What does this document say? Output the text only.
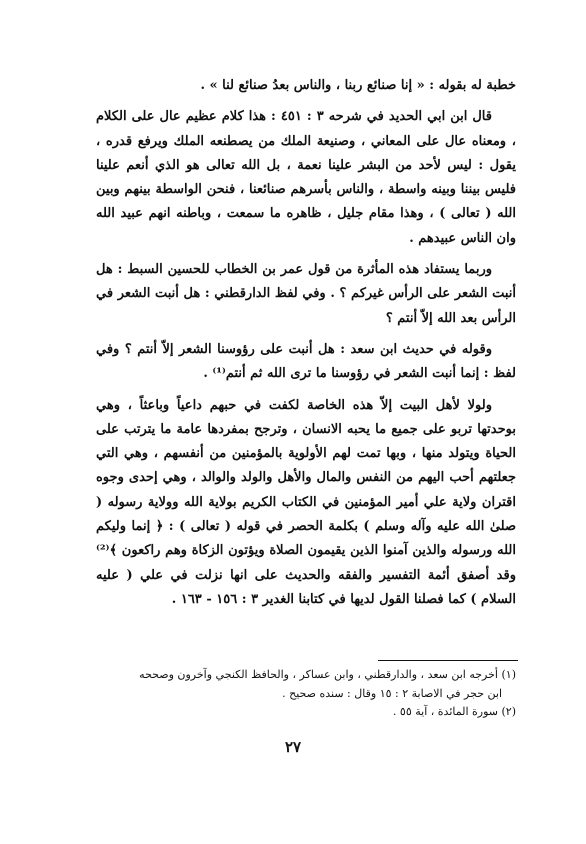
خطبة له بقوله : « إنا صنائع ربنا ، والناس بعدُ صنائع لنا » .

قال ابن ابي الحديد في شرحه ٣ : ٤٥١ : هذا كلام عظيم عال على الكلام ، ومعناه عال على المعاني ، وصنيعة الملك من يصطنعه الملك ويرفع قدره ، يقول : ليس لأحد من البشر علينا نعمة ، بل الله تعالى هو الذي أنعم علينا فليس بيننا وبينه واسطة ، والناس بأسرهم صنائعنا ، فنحن الواسطة بينهم وبين الله ( تعالى ) ، وهذا مقام جليل ، ظاهره ما سمعت ، وباطنه انهم عبيد الله وان الناس عبيدهم .

وربما يستفاد هذه المأثرة من قول عمر بن الخطاب للحسين السبط : هل أنبت الشعر على الرأس غيركم ؟ . وفي لفظ الدارقطني : هل أنبت الشعر في الرأس بعد الله إلاّ أنتم ؟

وقوله في حديث ابن سعد : هل أنبت على رؤوسنا الشعر إلاّ أنتم ؟ وفي لفظ : إنما أنبت الشعر في رؤوسنا ما ترى الله ثم أنتم⁽¹⁾ .

ولولا لأهل البيت إلاّ هذه الخاصة لكفت في حبهم داعياً وباعثاً ، وهي بوحدتها تربو على جميع ما يحبه الانسان ، وترجح بمفردها عامة ما يترتب على الحياة ويتولد منها ، وبها تمت لهم الأولوية بالمؤمنين من أنفسهم ، وهي التي جعلتهم أحب اليهم من النفس والمال والأهل والولد والوالد ، وهي إحدى وجوه اقتران ولاية علي أمير المؤمنين في الكتاب الكريم بولاية الله وولاية رسوله ( صلىٰ الله عليه وآله وسلم ) بكلمة الحصر في قوله ( تعالى ) : ﴿ إنما وليكم الله ورسوله والذين آمنوا الذين يقيمون الصلاة ويؤتون الزكاة وهم راكعون ﴾⁽²⁾ وقد أصفق أئمة التفسير والفقه والحديث على انها نزلت في علي ( عليه السلام ) كما فصلنا القول لديها في كتابنا الغدير ٣ : ١٥٦ - ١٦٣ .

(١) أخرجه ابن سعد ، والدارقطني ، وابن عساكر ، والحافظ الكنجي وآخرون وصححه
ابن حجر في الاصابة ٢ : ١٥ وقال : سنده صحيح .
(٢) سورة المائدة ، آية ٥٥ .
٢٧
